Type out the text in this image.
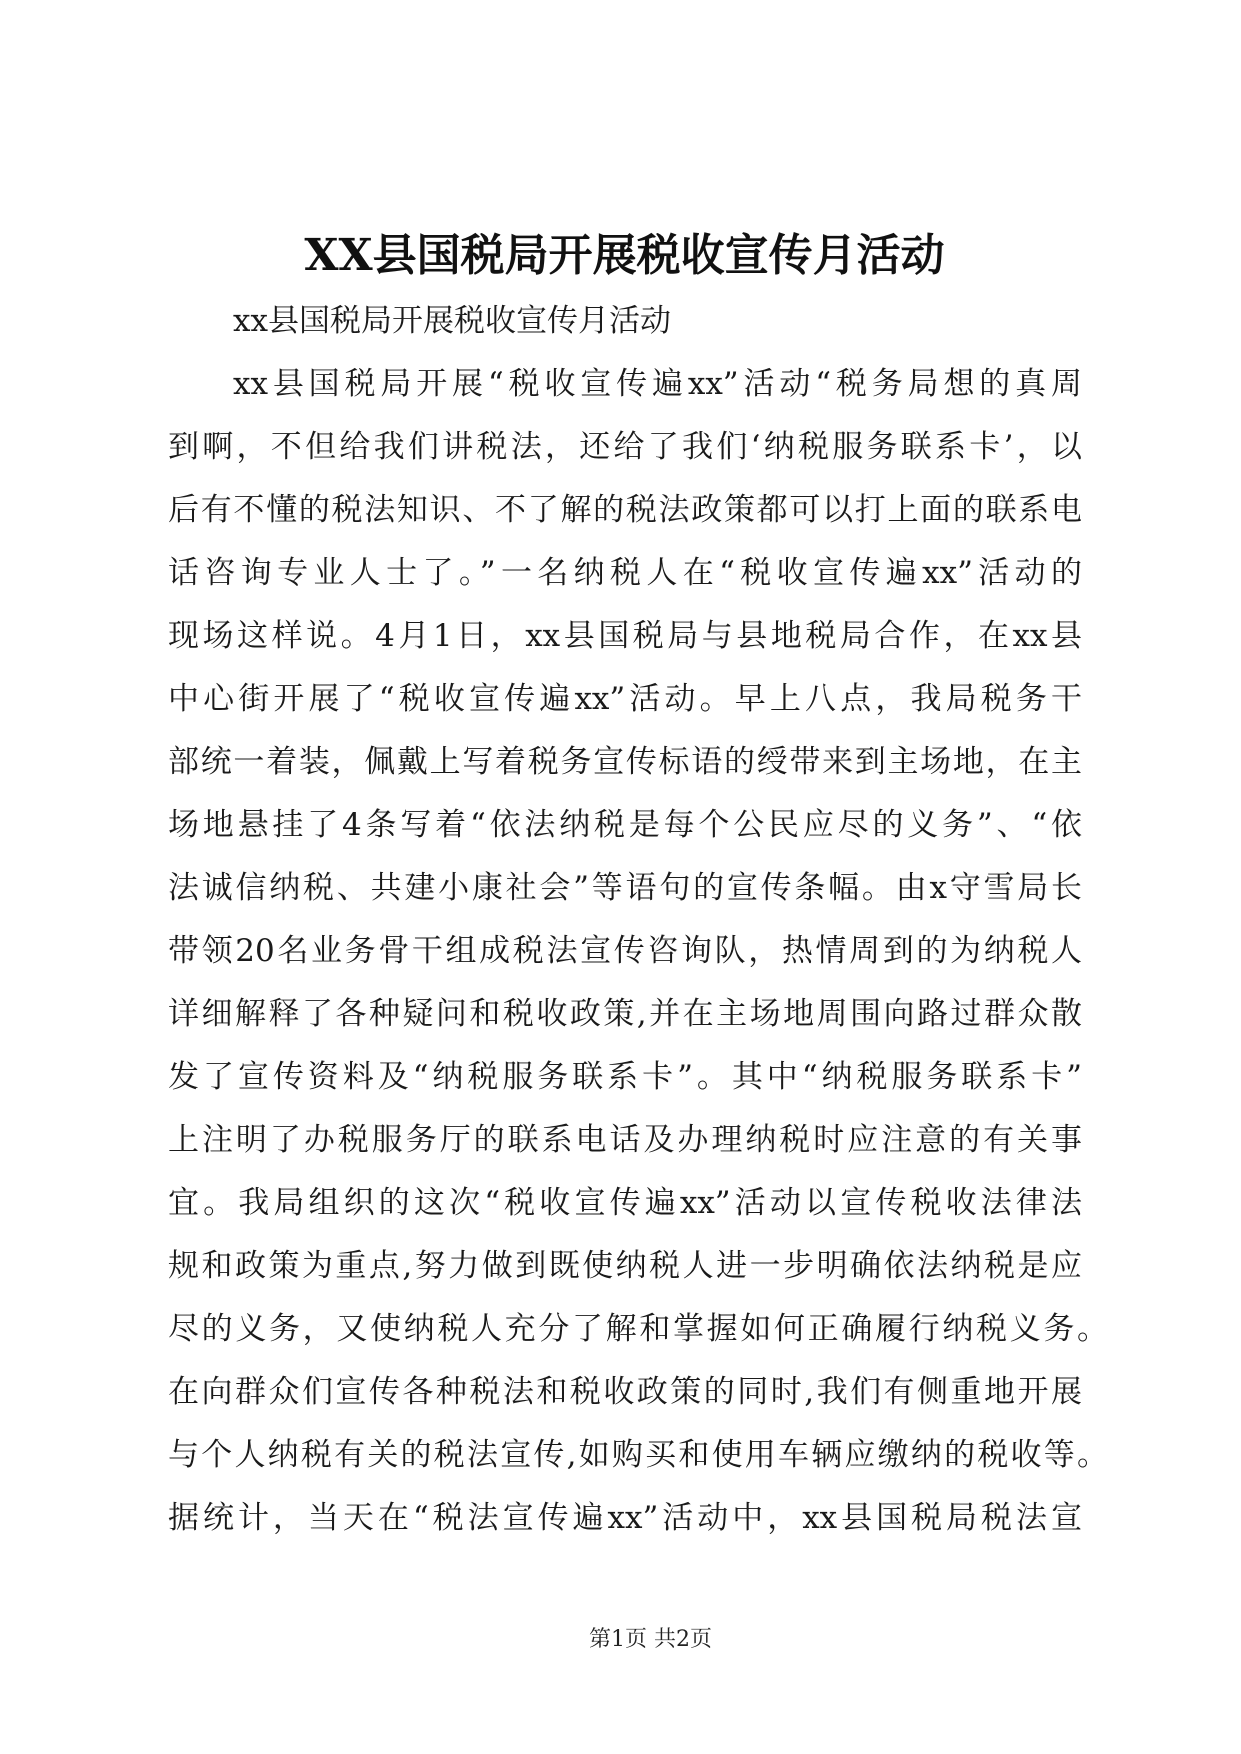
XX县国税局开展税收宣传月活动
xx县国税局开展税收宣传月活动
xx县国税局开展“税收宣传遍xx”活动“税务局想的真周
到啊，不但给我们讲税法，还给了我们‘纳税服务联系卡’，以
后有不懂的税法知识、不了解的税法政策都可以打上面的联系电
话咨询专业人士了。”一名纳税人在“税收宣传遍xx”活动的
现场这样说。4月1日，xx县国税局与县地税局合作，在xx县
中心街开展了“税收宣传遍xx”活动。早上八点，我局税务干
部统一着装，佩戴上写着税务宣传标语的绶带来到主场地，在主
场地悬挂了4条写着“依法纳税是每个公民应尽的义务”、“依
法诚信纳税、共建小康社会”等语句的宣传条幅。由x守雪局长
带领20名业务骨干组成税法宣传咨询队，热情周到的为纳税人
详细解释了各种疑问和税收政策,并在主场地周围向路过群众散
发了宣传资料及“纳税服务联系卡”。其中“纳税服务联系卡”
上注明了办税服务厅的联系电话及办理纳税时应注意的有关事
宜。我局组织的这次“税收宣传遍xx”活动以宣传税收法律法
规和政策为重点,努力做到既使纳税人进一步明确依法纳税是应
尽的义务，又使纳税人充分了解和掌握如何正确履行纳税义务。
在向群众们宣传各种税法和税收政策的同时,我们有侧重地开展
与个人纳税有关的税法宣传,如购买和使用车辆应缴纳的税收等。
据统计，当天在“税法宣传遍xx”活动中，xx县国税局税法宣
第1页 共2页
